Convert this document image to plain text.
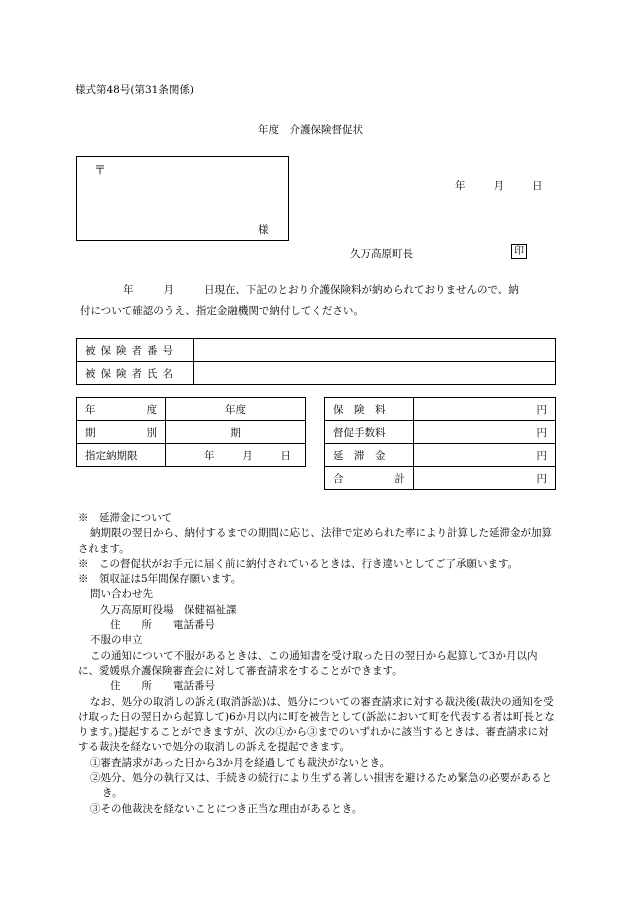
様式第48号(第31条関係)
年度　介護保険督促状
〒
様
年	月	日
久万高原町長	印
年	月	日現在、下記のとおり介護保険料が納められておりませんので、納
付について確認のうえ、指定金融機関で納付してください。
被保険者番号	
被保険者氏名	
年 度	年度

期 別	期
指定納期限	年 月 日
保　険　料	円
督促手数料	円
延　滞　金	円

合 計	円
※　延滞金について
納期限の翌日から、納付するまでの期間に応じ、法律で定められた率により計算した延滞金が加算されます。
※　この督促状がお手元に届く前に納付されているときは、行き違いとしてご了承願います。
※　領収証は5年間保存願います。
問い合わせ先
久万高原町役場　保健福祉課
住　　所　　電話番号
不服の申立
この通知について不服があるときは、この通知書を受け取った日の翌日から起算して3か月以内に、愛媛県介護保険審査会に対して審査請求をすることができます。
住　　所　　電話番号
なお、処分の取消しの訴え(取消訴訟)は、処分についての審査請求に対する裁決後(裁決の通知を受け取った日の翌日から起算して)6か月以内に町を被告として(訴訟において町を代表する者は町長となります。)提起することができますが、次の①から③までのいずれかに該当するときは、審査請求に対する裁決を経ないで処分の取消しの訴えを提起できます。
①審査請求があった日から3か月を経過しても裁決がないとき。
②処分、処分の執行又は、手続きの続行により生ずる著しい損害を避けるため緊急の必要があるとき。
③その他裁決を経ないことにつき正当な理由があるとき。
